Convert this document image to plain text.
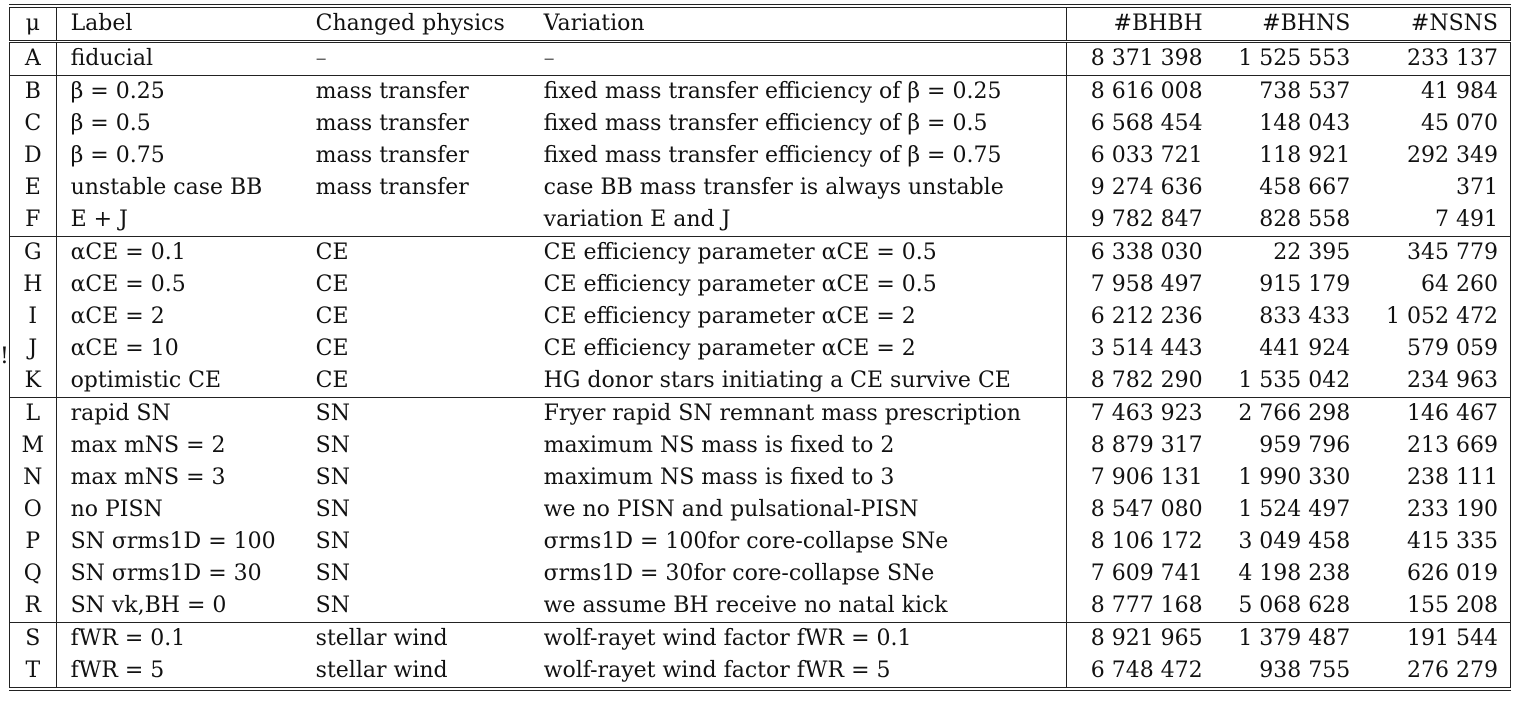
!
μ	Label	Changed physics	Variation	#BHBH	#BHNS	#NSNS
A	fiducial	–	–	8 371 398	1 525 553	233 137
B	β = 0.25	mass transfer	fixed mass transfer efficiency of β = 0.25	8 616 008	738 537	41 984
C	β = 0.5	mass transfer	fixed mass transfer efficiency of β = 0.5	6 568 454	148 043	45 070
D	β = 0.75	mass transfer	fixed mass transfer efficiency of β = 0.75	6 033 721	118 921	292 349
E	unstable case BB	mass transfer	case BB mass transfer is always unstable	9 274 636	458 667	371
F	E + J		variation E and J	9 782 847	828 558	7 491
G	αCE = 0.1	CE	CE efficiency parameter αCE = 0.5	6 338 030	22 395	345 779
H	αCE = 0.5	CE	CE efficiency parameter αCE = 0.5	7 958 497	915 179	64 260
I	αCE = 2	CE	CE efficiency parameter αCE = 2	6 212 236	833 433	1 052 472
J	αCE = 10	CE	CE efficiency parameter αCE = 2	3 514 443	441 924	579 059
K	optimistic CE	CE	HG donor stars initiating a CE survive CE	8 782 290	1 535 042	234 963
L	rapid SN	SN	Fryer rapid SN remnant mass prescription	7 463 923	2 766 298	146 467
M	max mNS = 2	SN	maximum NS mass is fixed to 2	8 879 317	959 796	213 669
N	max mNS = 3	SN	maximum NS mass is fixed to 3	7 906 131	1 990 330	238 111
O	no PISN	SN	we no PISN and pulsational-PISN	8 547 080	1 524 497	233 190
P	SN σrms1D = 100	SN	σrms1D = 100for core-collapse SNe	8 106 172	3 049 458	415 335
Q	SN σrms1D = 30	SN	σrms1D = 30for core-collapse SNe	7 609 741	4 198 238	626 019
R	SN vk,BH = 0	SN	we assume BH receive no natal kick	8 777 168	5 068 628	155 208
S	fWR = 0.1	stellar wind	wolf-rayet wind factor fWR = 0.1	8 921 965	1 379 487	191 544
T	fWR = 5	stellar wind	wolf-rayet wind factor fWR = 5	6 748 472	938 755	276 279
